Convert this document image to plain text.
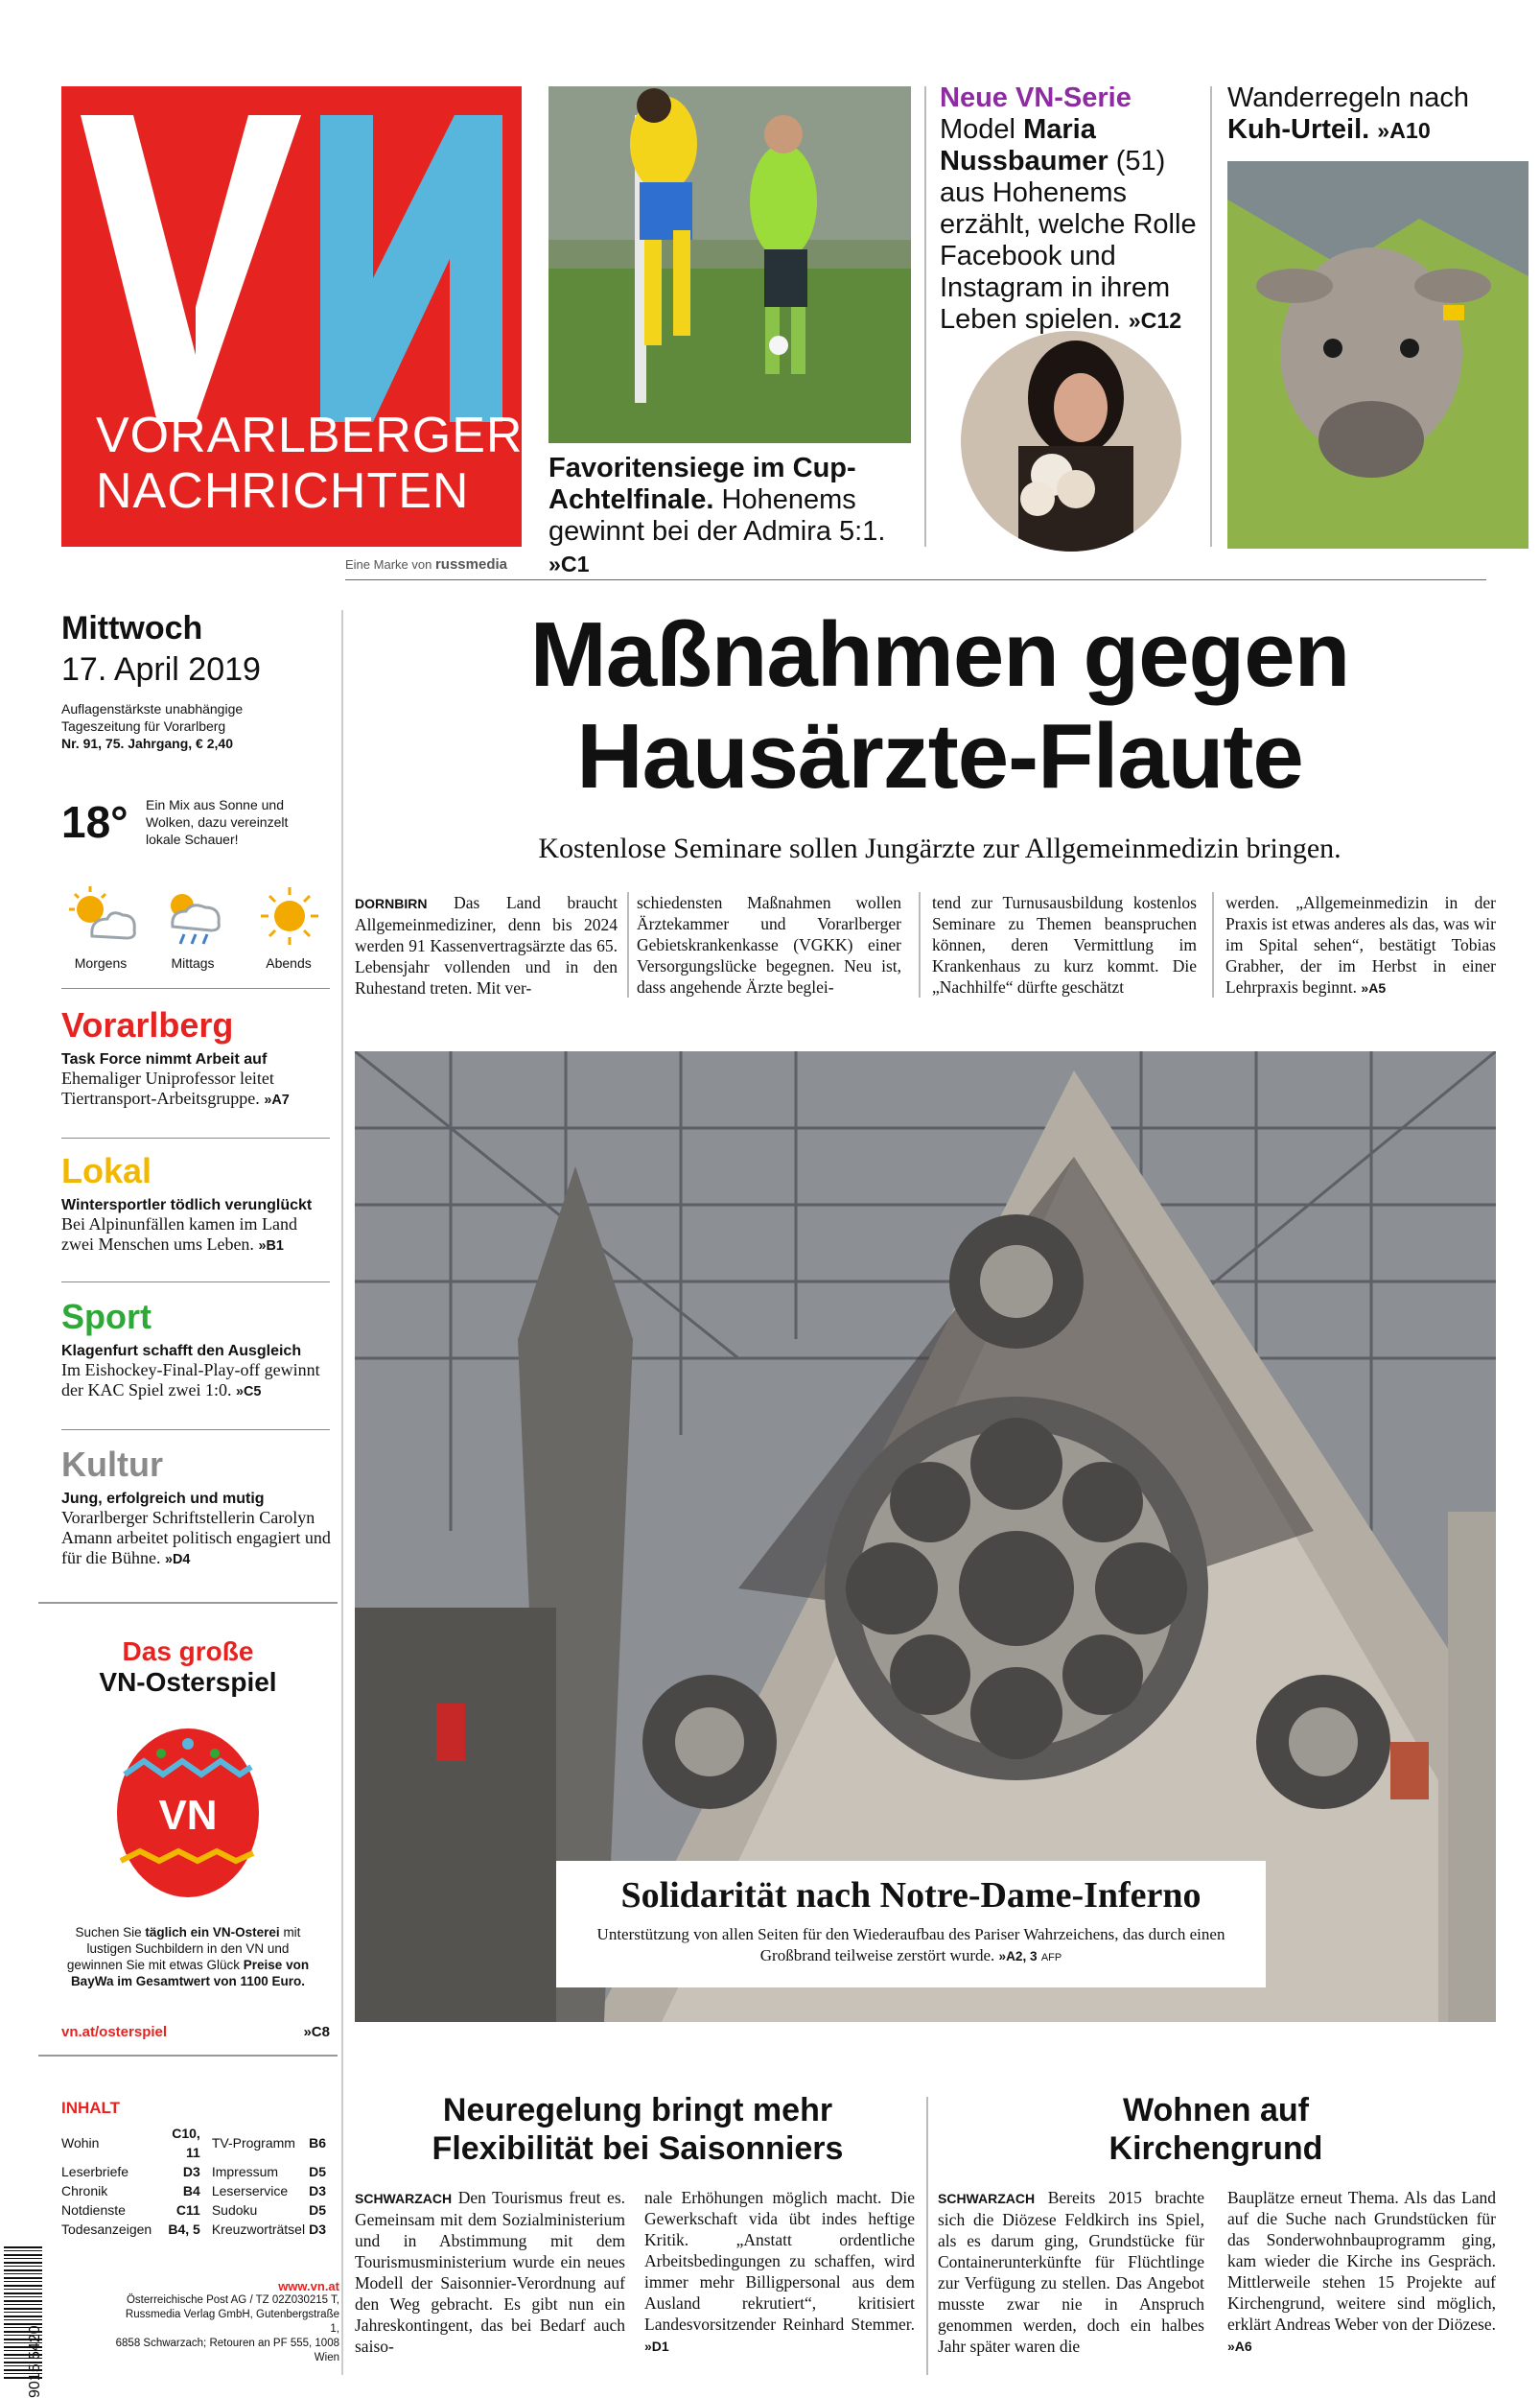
VORARLBERGER
NACHRICHTEN
Eine Marke von russmedia
Favoritensiege im Cup-Achtelfinale. Hohenems gewinnt bei der Admira 5:1. »C1
Neue VN-Serie
Model Maria Nussbaumer (51) aus Hohenems erzählt, welche Rolle Facebook und Instagram in ihrem Leben spielen. »C12
Wanderregeln nach Kuh-Urteil. »A10
Mittwoch
17. April 2019
Auflagenstärkste unabhängige
Tageszeitung für Vorarlberg
Nr. 91, 75. Jahrgang, € 2,40
18° Ein Mix aus Sonne und Wolken, dazu vereinzelt lokale Schauer!
Morgens	Mittags	Abends
Vorarlberg
Task Force nimmt Arbeit auf
Ehemaliger Uniprofessor leitet Tiertransport-Arbeitsgruppe. »A7
Lokal
Wintersportler tödlich verunglückt
Bei Alpinunfällen kamen im Land zwei Menschen ums Leben. »B1
Sport
Klagenfurt schafft den Ausgleich
Im Eishockey-Final-Play-off gewinnt der KAC Spiel zwei 1:0. »C5
Kultur
Jung, erfolgreich und mutig
Vorarlberger Schriftstellerin Carolyn Amann arbeitet politisch engagiert und für die Bühne. »D4
Das große
VN-Osterspiel
VN
Suchen Sie täglich ein VN-Osterei mit lustigen Suchbildern in den VN und gewinnen Sie mit etwas Glück Preise von BayWa im Gesamtwert von 1100 Euro.
vn.at/osterspiel	»C8
INHALT
Wohin	C10, 11	TV-Programm	B6
Leserbriefe	D3	Impressum	D5
Chronik	B4	Leserservice	D3
Notdienste	C11	Sudoku	D5
Todesanzeigen	B4, 5	Kreuzworträtsel	D3
9015 5420
www.vn.at
Österreichische Post AG / TZ 02Z030215 T,
Russmedia Verlag GmbH, Gutenbergstraße 1,
6858 Schwarzach; Retouren an PF 555, 1008 Wien
Maßnahmen gegen
Hausärzte-Flaute
Kostenlose Seminare sollen Jungärzte zur Allgemeinmedizin bringen.
DORNBIRN Das Land braucht Allgemeinmediziner, denn bis 2024 werden 91 Kassenvertragsärzte das 65. Lebensjahr vollenden und in den Ruhestand treten. Mit ver-
schiedensten Maßnahmen wollen Ärztekammer und Vorarlberger Gebietskrankenkasse (VGKK) einer Versorgungslücke begegnen. Neu ist, dass angehende Ärzte beglei-
tend zur Turnusausbildung kostenlos Seminare zu Themen beanspruchen können, deren Vermittlung im Krankenhaus zu kurz kommt. Die „Nachhilfe“ dürfte geschätzt
werden. „Allgemeinmedizin in der Praxis ist etwas anderes als das, was wir im Spital sehen“, bestätigt Tobias Grabher, der im Herbst in einer Lehrpraxis beginnt. »A5
Solidarität nach Notre-Dame-Inferno
Unterstützung von allen Seiten für den Wiederaufbau des Pariser Wahrzeichens, das durch einen Großbrand teilweise zerstört wurde. »A2, 3 AFP
Neuregelung bringt mehr
Flexibilität bei Saisonniers
SCHWARZACH Den Tourismus freut es. Gemeinsam mit dem Sozialministerium und in Abstimmung mit dem Tourismusministerium wurde ein neues Modell der Saisonnier-Verordnung auf den Weg gebracht. Es gibt nun ein Jahreskontingent, das bei Bedarf auch saiso-
nale Erhöhungen möglich macht. Die Gewerkschaft vida übt indes heftige Kritik. „Anstatt ordentliche Arbeitsbedingungen zu schaffen, wird immer mehr Billigpersonal aus dem Ausland rekrutiert“, kritisiert Landesvorsitzender Reinhard Stemmer. »D1
Wohnen auf
Kirchengrund
SCHWARZACH Bereits 2015 brachte sich die Diözese Feldkirch ins Spiel, als es darum ging, Grundstücke für Containerunterkünfte für Flüchtlinge zur Verfügung zu stellen. Das Angebot musste zwar nie in Anspruch genommen werden, doch ein halbes Jahr später waren die
Bauplätze erneut Thema. Als das Land auf die Suche nach Grundstücken für das Sonderwohnbauprogramm ging, kam wieder die Kirche ins Gespräch. Mittlerweile stehen 15 Projekte auf Kirchengrund, weitere sind möglich, erklärt Andreas Weber von der Diözese. »A6
